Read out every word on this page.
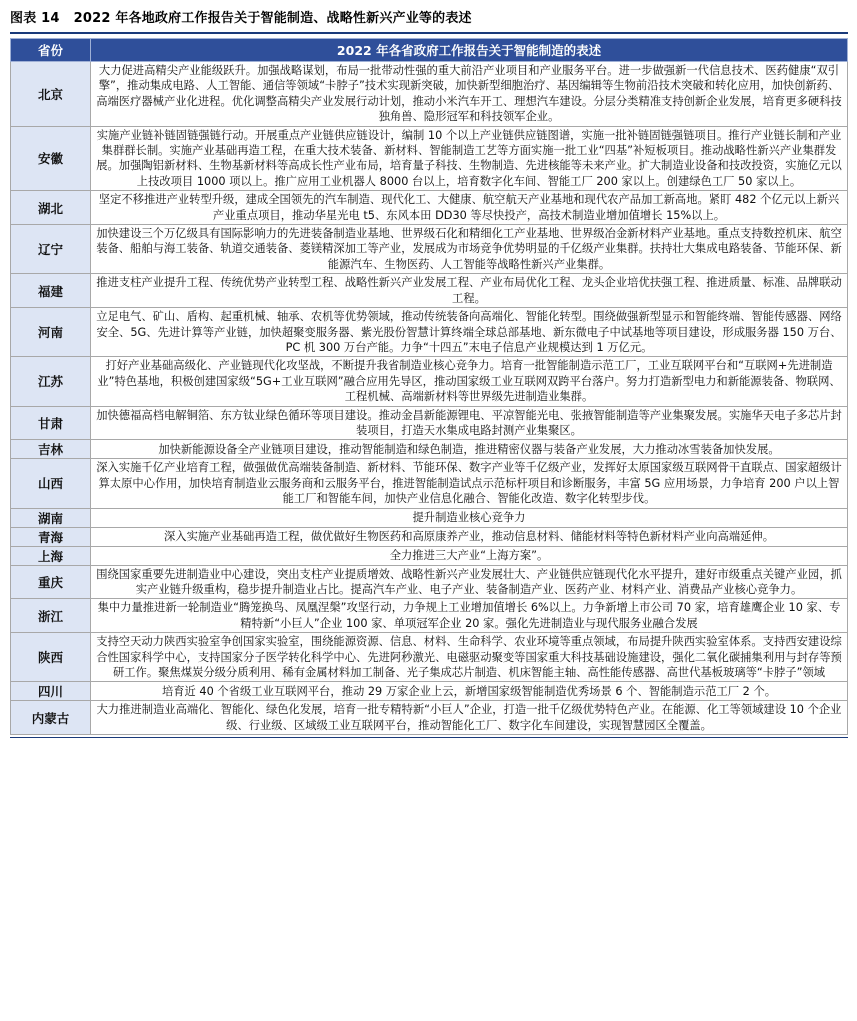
图表 14 2022 年各地政府工作报告关于智能制造、战略性新兴产业等的表述
省份	2022 年各省政府工作报告关于智能制造的表述
北京	大力促进高精尖产业能级跃升。加强战略谋划，布局一批带动性强的重大前沿产业项目和产业服务平台。进一步做强新一代信息技术、医药健康“双引擎”，推动集成电路、人工智能、通信等领域“卡脖子”技术实现新突破，加快新型细胞治疗、基因编辑等生物前沿技术突破和转化应用，加快创新药、高端医疗器械产业化进程。优化调整高精尖产业发展行动计划，推动小米汽车开工、理想汽车建设。分层分类精准支持创新企业发展，培育更多硬科技独角兽、隐形冠军和科技领军企业。
安徽	实施产业链补链固链强链行动。开展重点产业链供应链设计，编制 10 个以上产业链供应链图谱，实施一批补链固链强链项目。推行产业链长制和产业集群群长制。实施产业基础再造工程，在重大技术装备、新材料、智能制造工艺等方面实施一批工业“四基”补短板项目。推动战略性新兴产业集群发展。加强陶铝新材料、生物基新材料等高成长性产业布局，培育量子科技、生物制造、先进核能等未来产业。扩大制造业设备和技改投资，实施亿元以上技改项目 1000 项以上。推广应用工业机器人 8000 台以上，培育数字化车间、智能工厂 200 家以上。创建绿色工厂 50 家以上。
湖北	坚定不移推进产业转型升级，建成全国领先的汽车制造、现代化工、大健康、航空航天产业基地和现代农产品加工新高地。紧盯 482 个亿元以上新兴产业重点项目，推动华星光电 t5、东风本田 DD30 等尽快投产，高技术制造业增加值增长 15%以上。
辽宁	加快建设三个万亿级具有国际影响力的先进装备制造业基地、世界级石化和精细化工产业基地、世界级冶金新材料产业基地。重点支持数控机床、航空装备、船舶与海工装备、轨道交通装备、菱镁精深加工等产业，发展成为市场竞争优势明显的千亿级产业集群。扶持壮大集成电路装备、节能环保、新能源汽车、生物医药、人工智能等战略性新兴产业集群。
福建	推进支柱产业提升工程、传统优势产业转型工程、战略性新兴产业发展工程、产业布局优化工程、龙头企业培优扶强工程、推进质量、标准、品牌联动工程。
河南	立足电气、矿山、盾构、起重机械、轴承、农机等优势领域，推动传统装备向高端化、智能化转型。围绕做强新型显示和智能终端、智能传感器、网络安全、5G、先进计算等产业链，加快超聚变服务器、紫光股份智慧计算终端全球总部基地、新东微电子中试基地等项目建设，形成服务器 150 万台、PC 机 300 万台产能。力争“十四五”末电子信息产业规模达到 1 万亿元。
江苏	打好产业基础高级化、产业链现代化攻坚战，不断提升我省制造业核心竞争力。培育一批智能制造示范工厂，工业互联网平台和“互联网+先进制造业”特色基地，积极创建国家级“5G+工业互联网”融合应用先导区，推动国家级工业互联网双跨平台落户。努力打造新型电力和新能源装备、物联网、工程机械、高端新材料等世界级先进制造业集群。
甘肃	加快德福高档电解铜箔、东方钛业绿色循环等项目建设。推动金昌新能源锂电、平凉智能光电、张掖智能制造等产业集聚发展。实施华天电子多芯片封装项目，打造天水集成电路封测产业集聚区。
吉林	加快新能源设备全产业链项目建设，推动智能制造和绿色制造，推进精密仪器与装备产业发展，大力推动冰雪装备加快发展。
山西	深入实施千亿产业培育工程，做强做优高端装备制造、新材料、节能环保、数字产业等千亿级产业，发挥好太原国家级互联网骨干直联点、国家超级计算太原中心作用，加快培育制造业云服务商和云服务平台，推进智能制造试点示范标杆项目和诊断服务，丰富 5G 应用场景，力争培育 200 户以上智能工厂和智能车间，加快产业信息化融合、智能化改造、数字化转型步伐。
湖南	提升制造业核心竞争力
青海	深入实施产业基础再造工程，做优做好生物医药和高原康养产业，推动信息材料、储能材料等特色新材料产业向高端延伸。
上海	全力推进三大产业“上海方案”。
重庆	围绕国家重要先进制造业中心建设，突出支柱产业提质增效、战略性新兴产业发展壮大、产业链供应链现代化水平提升，建好市级重点关键产业园，抓实产业链升级重构，稳步提升制造业占比。提高汽车产业、电子产业、装备制造产业、医药产业、材料产业、消费品产业核心竞争力。
浙江	集中力量推进新一轮制造业“腾笼换鸟、凤凰涅槃”攻坚行动，力争规上工业增加值增长 6%以上。力争新增上市公司 70 家，培育雄鹰企业 10 家、专精特新“小巨人”企业 100 家、单项冠军企业 20 家。强化先进制造业与现代服务业融合发展
陕西	支持空天动力陕西实验室争创国家实验室，围绕能源资源、信息、材料、生命科学、农业环境等重点领域，布局提升陕西实验室体系。支持西安建设综合性国家科学中心，支持国家分子医学转化科学中心、先进阿秒激光、电磁驱动聚变等国家重大科技基础设施建设，强化二氧化碳捕集利用与封存等预研工作。聚焦煤炭分级分质利用、稀有金属材料加工制备、光子集成芯片制造、机床智能主轴、高性能传感器、高世代基板玻璃等“卡脖子”领域
四川	培育近 40 个省级工业互联网平台，推动 29 万家企业上云，新增国家级智能制造优秀场景 6 个、智能制造示范工厂 2 个。
内蒙古	大力推进制造业高端化、智能化、绿色化发展，培育一批专精特新“小巨人”企业，打造一批千亿级优势特色产业。在能源、化工等领域建设 10 个企业级、行业级、区域级工业互联网平台，推动智能化工厂、数字化车间建设，实现智慧园区全覆盖。
